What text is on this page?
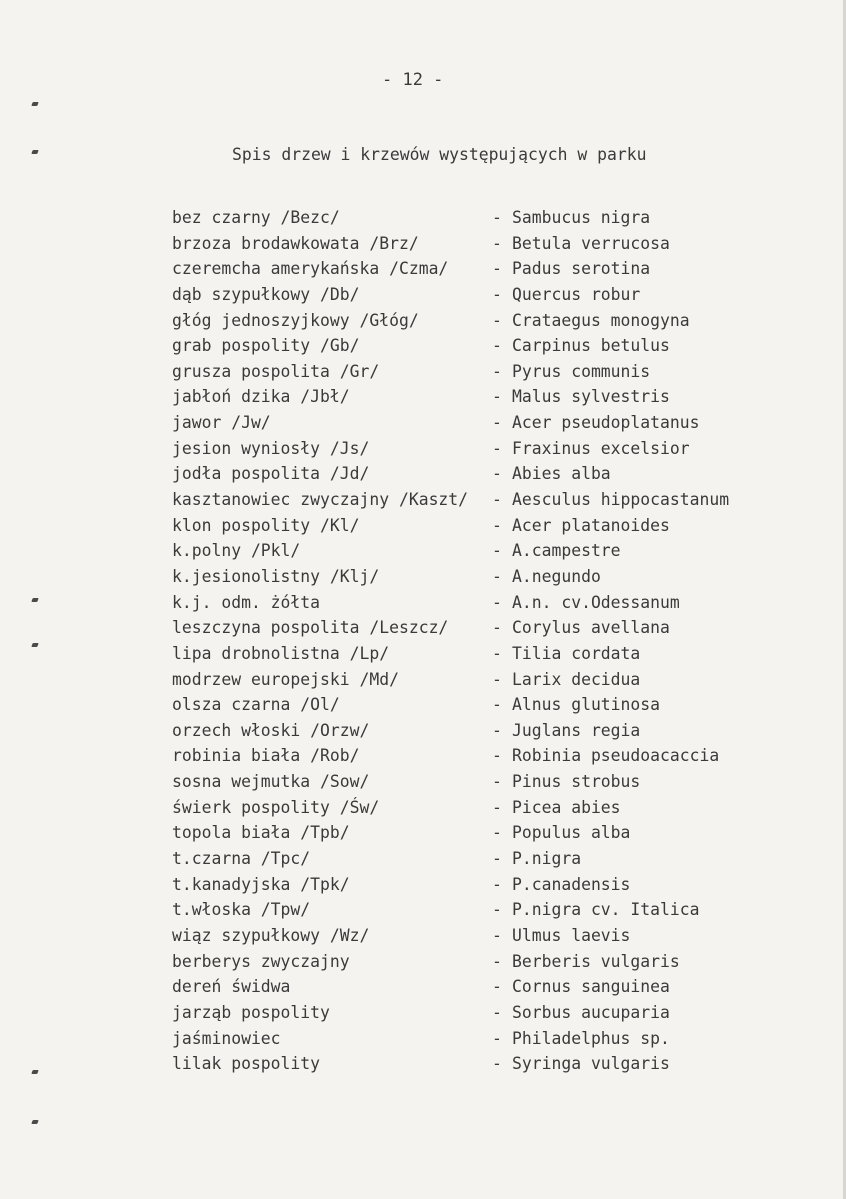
- 12 -
Spis drzew i krzewów występujących w parku
bez czarny /Bezc/	- Sambucus nigra
brzoza brodawkowata /Brz/	- Betula verrucosa
czeremcha amerykańska /Czma/	- Padus serotina
dąb szypułkowy /Db/	- Quercus robur
głóg jednoszyjkowy /Głóg/	- Crataegus monogyna
grab pospolity /Gb/	- Carpinus betulus
grusza pospolita /Gr/	- Pyrus communis
jabłoń dzika /Jbł/	- Malus sylvestris
jawor /Jw/	- Acer pseudoplatanus
jesion wyniosły /Js/	- Fraxinus excelsior
jodła pospolita /Jd/	- Abies alba
kasztanowiec zwyczajny /Kaszt/ - Aesculus hippocastanum
klon pospolity /Kl/	- Acer platanoides
k.polny /Pkl/	- A.campestre
k.jesionolistny /Klj/	- A.negundo
k.j. odm. żółta	- A.n. cv.Odessanum
leszczyna pospolita /Leszcz/	- Corylus avellana
lipa drobnolistna /Lp/	- Tilia cordata
modrzew europejski /Md/	- Larix decidua
olsza czarna /Ol/	- Alnus glutinosa
orzech włoski /Orzw/	- Juglans regia
robinia biała /Rob/	- Robinia pseudoacaccia
sosna wejmutka /Sow/	- Pinus strobus
świerk pospolity /Św/	- Picea abies
topola biała /Tpb/	- Populus alba
t.czarna /Tpc/	- P.nigra
t.kanadyjska /Tpk/	- P.canadensis
t.włoska /Tpw/	- P.nigra cv. Italica
wiąz szypułkowy /Wz/	- Ulmus laevis
berberys zwyczajny	- Berberis vulgaris
dereń świdwa	- Cornus sanguinea
jarząb pospolity	- Sorbus aucuparia
jaśminowiec	- Philadelphus sp.
lilak pospolity	- Syringa vulgaris
